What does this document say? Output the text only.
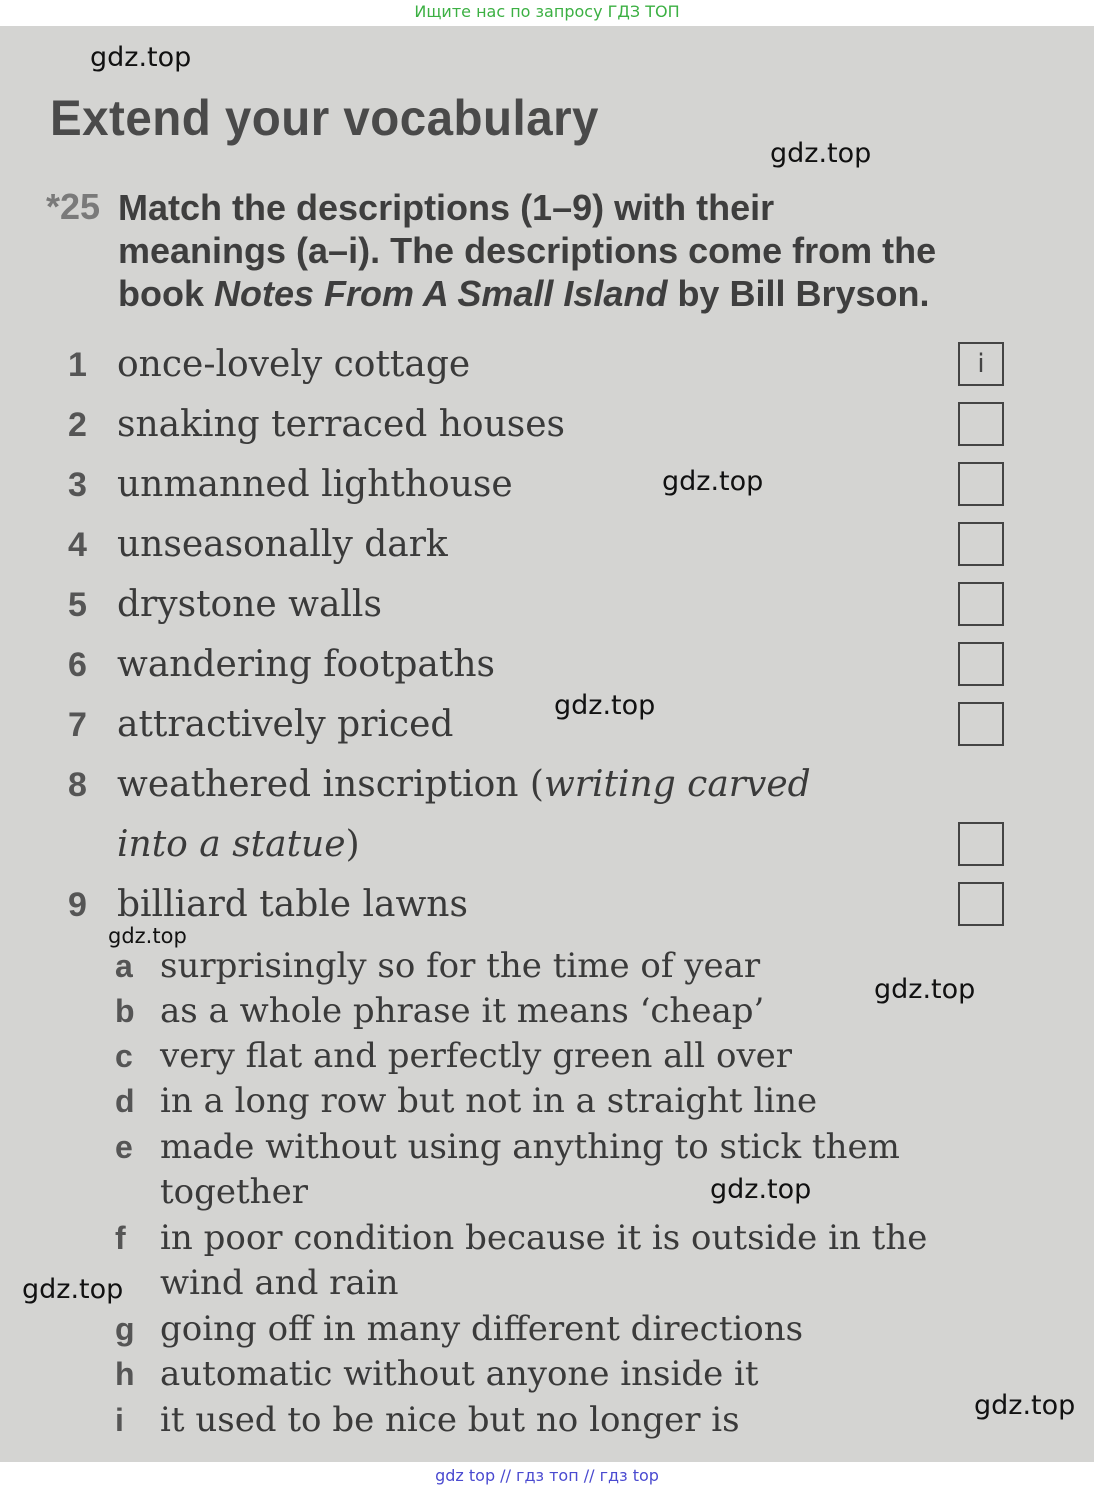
Ищите нас по запросу ГДЗ ТОП
Extend your vocabulary
*25 Match the descriptions (1–9) with their
meanings (a–i). The descriptions come from the
book Notes From A Small Island by Bill Bryson.
1 once-lovely cottage	i
2 snaking terraced houses
3 unmanned lighthouse
4 unseasonally dark
5 drystone walls
6 wandering footpaths
7 attractively priced
8 weathered inscription (writing carved
into a statue)
9 billiard table lawns
a surprisingly so for the time of year
b as a whole phrase it means ‘cheap’
c very flat and perfectly green all over
d in a long row but not in a straight line
e made without using anything to stick them
together
f	in poor condition because it is outside in the
wind and rain
g going off in many different directions
h automatic without anyone inside it
i	it used to be nice but no longer is
gdz.top
gdz.top
gdz.top
gdz.top
gdz.top
gdz.top
gdz.top
gdz.top
gdz.top
gdz top // гдз топ // гдз top
